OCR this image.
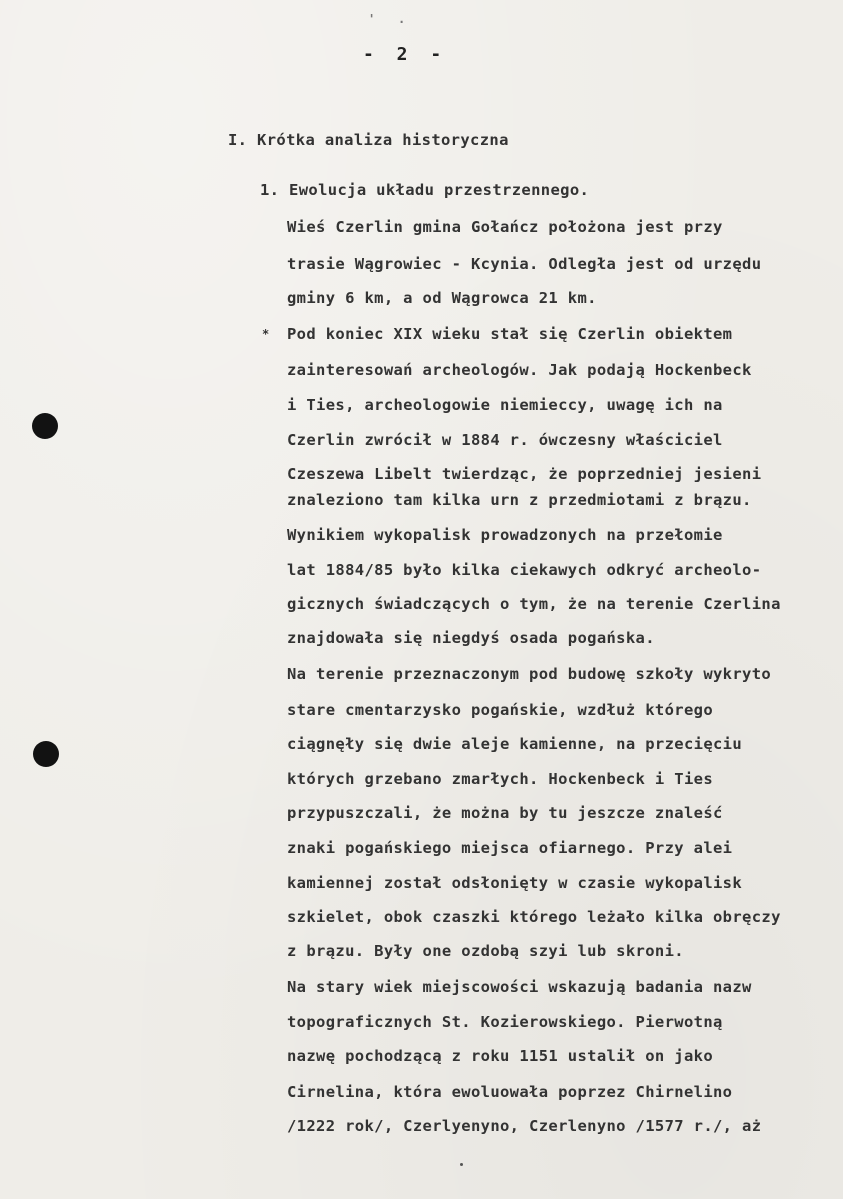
' .
- 2 -
I. Krótka analiza historyczna
1. Ewolucja układu przestrzennego.
Wieś Czerlin gmina Gołańcz położona jest przy
trasie Wągrowiec - Kcynia. Odległa jest od urzędu
gminy 6 km, a od Wągrowca 21 km.
* Pod koniec XIX wieku stał się Czerlin obiektem
zainteresowań archeologów. Jak podają Hockenbeck
i Ties, archeologowie niemieccy, uwagę ich na
Czerlin zwrócił w 1884 r. ówczesny właściciel
Czeszewa Libelt twierdząc, że poprzedniej jesieni
znaleziono tam kilka urn z przedmiotami z brązu.
Wynikiem wykopalisk prowadzonych na przełomie
lat 1884/85 było kilka ciekawych odkryć archeolo-
gicznych świadczących o tym, że na terenie Czerlina
znajdowała się niegdyś osada pogańska.
Na terenie przeznaczonym pod budowę szkoły wykryto
stare cmentarzysko pogańskie, wzdłuż którego
ciągnęły się dwie aleje kamienne, na przecięciu
których grzebano zmarłych. Hockenbeck i Ties
przypuszczali, że można by tu jeszcze znaleść
znaki pogańskiego miejsca ofiarnego. Przy alei
kamiennej został odsłonięty w czasie wykopalisk
szkielet, obok czaszki którego leżało kilka obręczy
z brązu. Były one ozdobą szyi lub skroni.
Na stary wiek miejscowości wskazują badania nazw
topograficznych St. Kozierowskiego. Pierwotną
nazwę pochodzącą z roku 1151 ustalił on jako
Cirnelina, która ewoluowała poprzez Chirnelino
/1222 rok/, Czerlyenyno, Czerlenyno /1577 r./, aż
